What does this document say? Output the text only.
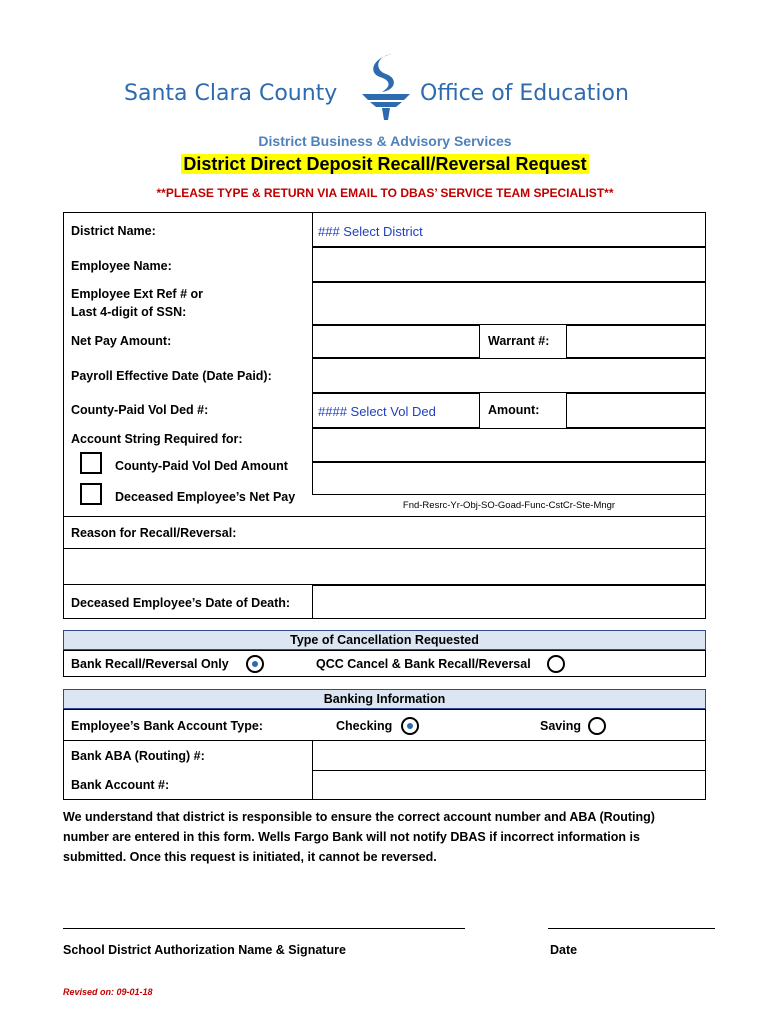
Santa Clara County	Office of Education
District Business & Advisory Services
District Direct Deposit Recall/Reversal Request
**PLEASE TYPE & RETURN VIA EMAIL TO DBAS’ SERVICE TEAM SPECIALIST**
District Name:	### Select District
Employee Name:
Employee Ext Ref # or
Last 4-digit of SSN:
Net Pay Amount:	Warrant #:
Payroll Effective Date (Date Paid):
County-Paid Vol Ded #:	#### Select Vol Ded	Amount:
Account String Required for:
County-Paid Vol Ded Amount
Deceased Employee’s Net Pay
Fnd-Resrc-Yr-Obj-SO-Goad-Func-CstCr-Ste-Mngr
Reason for Recall/Reversal:
Deceased Employee’s Date of Death:
Type of Cancellation Requested
Bank Recall/Reversal Only	QCC Cancel & Bank Recall/Reversal
Banking Information
Employee’s Bank Account Type:	Checking	Saving
Bank ABA (Routing) #:
Bank Account #:
We understand that district is responsible to ensure the correct account number and ABA (Routing)
number are entered in this form. Wells Fargo Bank will not notify DBAS if incorrect information is
submitted. Once this request is initiated, it cannot be reversed.
School District Authorization Name & Signature	Date
Revised on: 09-01-18
